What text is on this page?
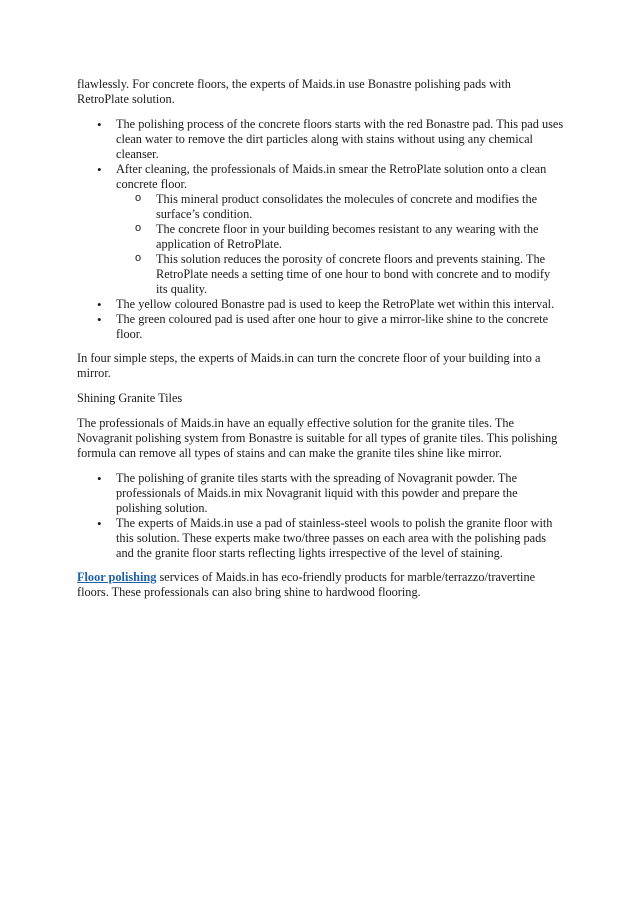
flawlessly. For concrete floors, the experts of Maids.in use Bonastre polishing pads with RetroPlate solution.

• The polishing process of the concrete floors starts with the red Bonastre pad. This pad uses clean water to remove the dirt particles along with stains without using any chemical cleanser.
• After cleaning, the professionals of Maids.in smear the RetroPlate solution onto a clean concrete floor.
o This mineral product consolidates the molecules of concrete and modifies the surface’s condition.
o The concrete floor in your building becomes resistant to any wearing with the application of RetroPlate.
o This solution reduces the porosity of concrete floors and prevents staining. The RetroPlate needs a setting time of one hour to bond with concrete and to modify its quality.
• The yellow coloured Bonastre pad is used to keep the RetroPlate wet within this interval.
• The green coloured pad is used after one hour to give a mirror-like shine to the concrete floor.

In four simple steps, the experts of Maids.in can turn the concrete floor of your building into a mirror.

Shining Granite Tiles

The professionals of Maids.in have an equally effective solution for the granite tiles. The Novagranit polishing system from Bonastre is suitable for all types of granite tiles. This polishing formula can remove all types of stains and can make the granite tiles shine like mirror.

• The polishing of granite tiles starts with the spreading of Novagranit powder. The professionals of Maids.in mix Novagranit liquid with this powder and prepare the polishing solution.
• The experts of Maids.in use a pad of stainless-steel wools to polish the granite floor with this solution. These experts make two/three passes on each area with the polishing pads and the granite floor starts reflecting lights irrespective of the level of staining.

Floor polishing services of Maids.in has eco-friendly products for marble/terrazzo/travertine floors. These professionals can also bring shine to hardwood flooring.
